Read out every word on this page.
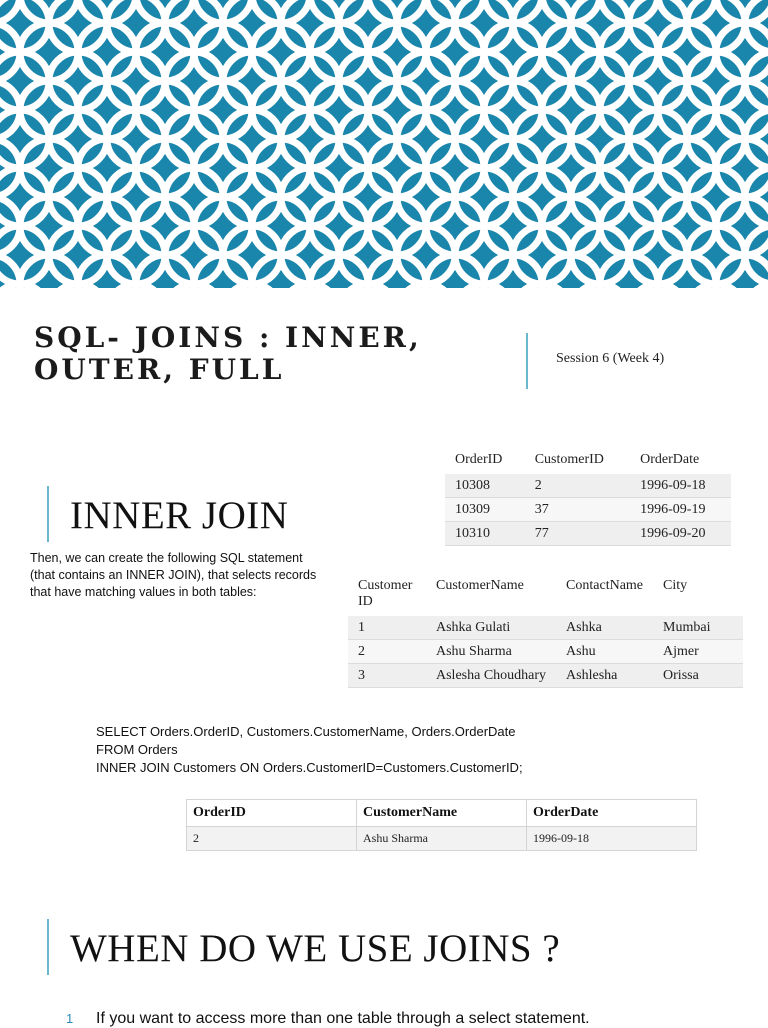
SQL- JOINS : INNER,
OUTER, FULL	Session 6 (Week 4)
INNER JOIN
Then, we can create the following SQL statement (that contains an INNER JOIN), that selects records that have matching values in both tables:
OrderID	CustomerID	OrderDate
10308	2	1996-09-18
10309	37	1996-09-19
10310	77	1996-09-20
CustomerID	CustomerName	ContactName	City
1	Ashka Gulati	Ashka	Mumbai
2	Ashu Sharma	Ashu	Ajmer
3	Aslesha Choudhary	Ashlesha	Orissa
SELECT Orders.OrderID, Customers.CustomerName, Orders.OrderDate
FROM Orders
INNER JOIN Customers ON Orders.CustomerID=Customers.CustomerID;
OrderID	CustomerName	OrderDate
2	Ashu Sharma	1996-09-18
WHEN DO WE USE JOINS ?
1 If you want to access more than one table through a select statement.
